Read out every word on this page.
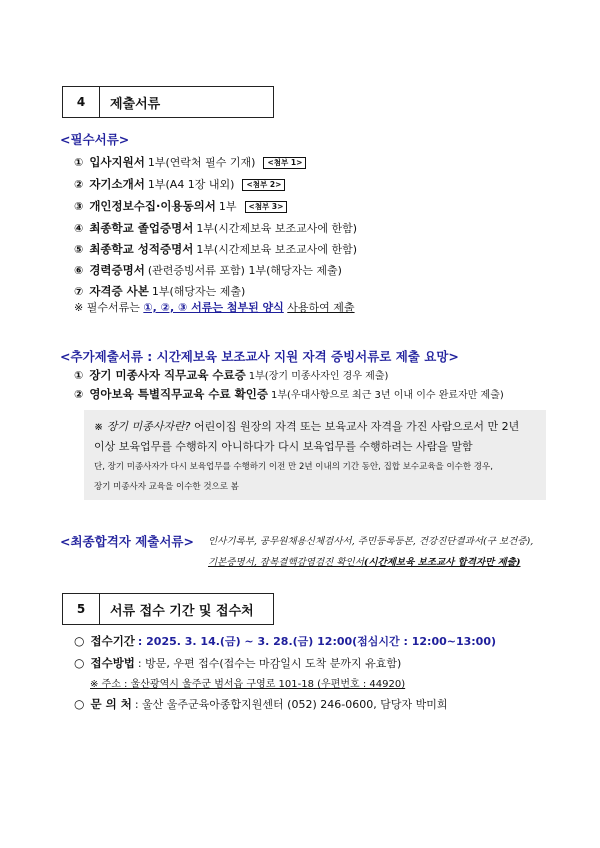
4	제출서류
<필수서류>
① 입사지원서 1부(연락처 필수 기재) <첨부 1>
② 자기소개서 1부(A4 1장 내외) <첨부 2>
③ 개인정보수집·이용동의서 1부 <첨부 3>
④ 최종학교 졸업증명서 1부(시간제보육 보조교사에 한함)
⑤ 최종학교 성적증명서 1부(시간제보육 보조교사에 한함)
⑥ 경력증명서 (관련증빙서류 포함) 1부(해당자는 제출)
⑦ 자격증 사본 1부(해당자는 제출)
※ 필수서류는 ①, ②, ③ 서류는 첨부된 양식 사용하여 제출
<추가제출서류 : 시간제보육 보조교사 지원 자격 증빙서류로 제출 요망>
① 장기 미종사자 직무교육 수료증 1부(장기 미종사자인 경우 제출)
② 영아보육 특별직무교육 수료 확인증 1부(우대사항으로 최근 3년 이내 이수 완료자만 제출)
※ 장기 미종사자란? 어린이집 원장의 자격 또는 보육교사 자격을 가진 사람으로서 만 2년
이상 보육업무를 수행하지 아니하다가 다시 보육업무를 수행하려는 사람을 말함
단, 장기 미종사자가 다시 보육업무를 수행하기 이전 만 2년 이내의 기간 동안, 집합 보수교육을 이수한 경우,
장기 미종사자 교육을 이수한 것으로 봄
<최종합격자 제출서류> 인사기록부, 공무원채용신체검사서, 주민등록등본, 건강진단결과서(구 보건증),
기본증명서, 잠복결핵감염검진 확인서(시간제보육 보조교사 합격자만 제출)
5	서류 접수 기간 및 접수처
○ 접수기간 : 2025. 3. 14.(금) ~ 3. 28.(금) 12:00(점심시간 : 12:00~13:00)
○ 접수방법 : 방문, 우편 접수(접수는 마감일시 도착 분까지 유효함)
※ 주소 : 울산광역시 울주군 범서읍 구영로 101-18 (우편번호 : 44920)
○ 문 의 처 : 울산 울주군육아종합지원센터 (052) 246-0600, 담당자 박미희
